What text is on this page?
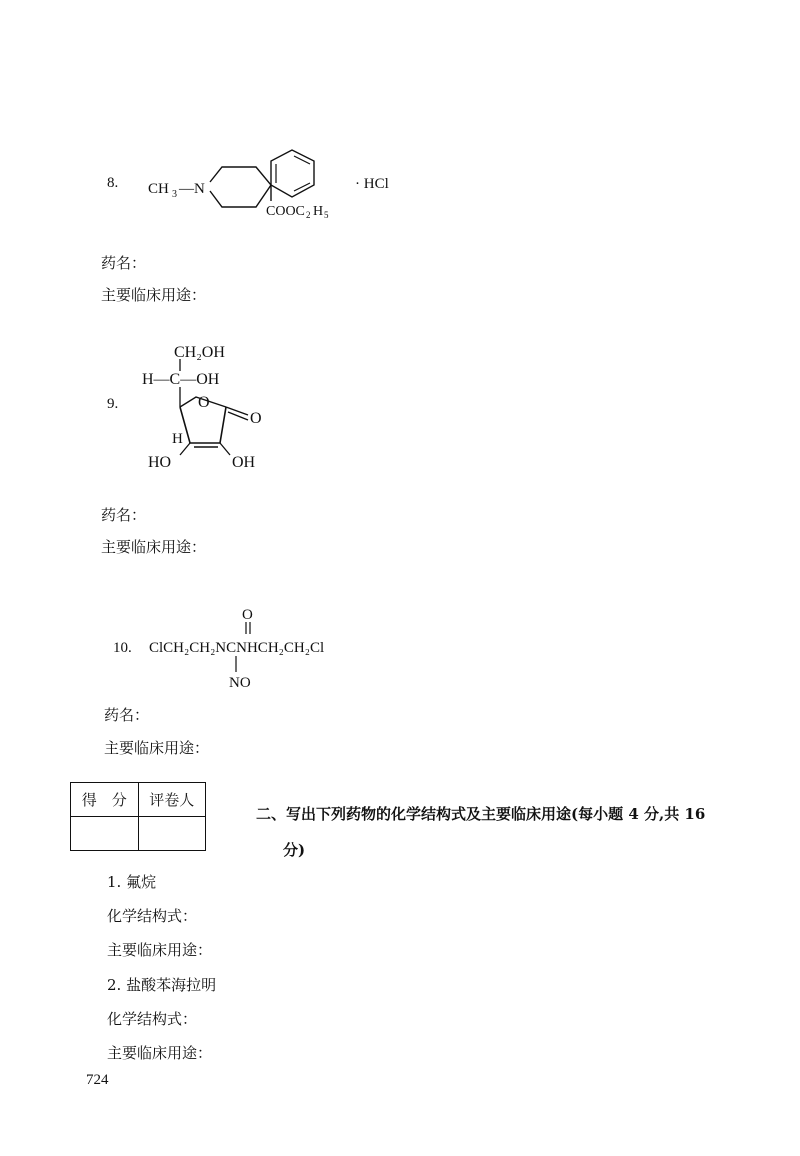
8. CH 3 —N
COOC 2 H 5
· HCl
药名：
主要临床用途：
9.
CH₂OH
H—C—OH
O
O
H
HO	OH
药名：
主要临床用途：
10.
O
ClCH₂CH₂NCNHCH₂CH₂Cl
NO
药名：
主要临床用途：
得　分	评卷人

二、写出下列药物的化学结构式及主要临床用途(每小题 4 分,共 16
分)
1. 氟烷
化学结构式：
主要临床用途：
2. 盐酸苯海拉明
化学结构式：
主要临床用途：
724
